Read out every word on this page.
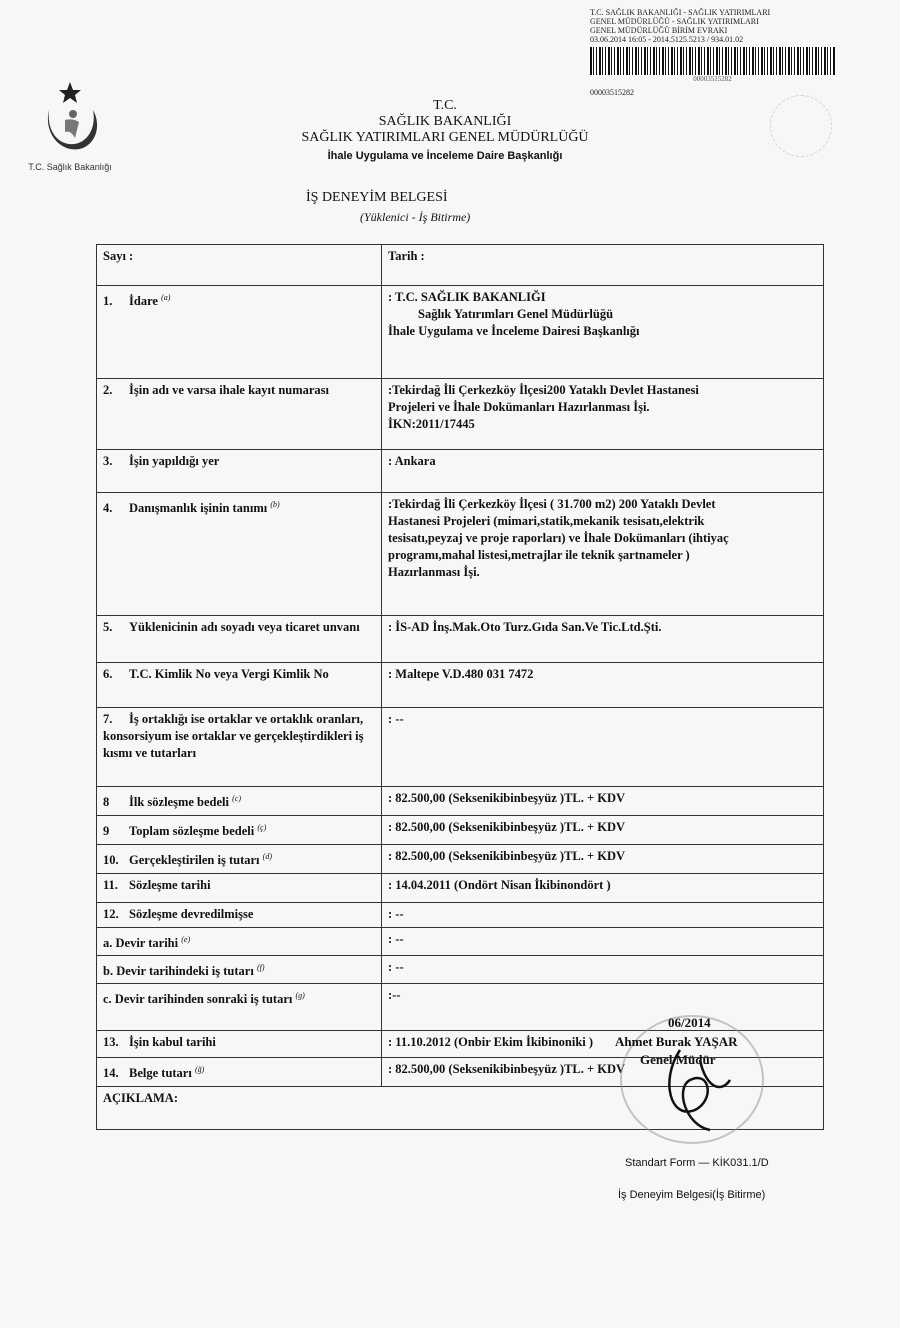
T.C. Sağlık Bakanlığı
T.C. SAĞLIK BAKANLIĞI - SAĞLIK YATIRIMLARI
GENEL MÜDÜRLÜĞÜ - SAĞLIK YATIRIMLARI
GENEL MÜDÜRLÜĞÜ BİRİM EVRAKI
03.06.2014 16:05 - 2014.5125.5213 / 934.01.02
00003515282
00003515282
T.C.
SAĞLIK BAKANLIĞI
SAĞLIK YATIRIMLARI GENEL MÜDÜRLÜĞÜ
İhale Uygulama ve İnceleme Daire Başkanlığı
İŞ DENEYİM BELGESİ
(Yüklenici - İş Bitirme)
Sayı :	Tarih :
1. İdare $^{(a)}$	: T.C. SAĞLIK BAKANLIĞI
Sağlık Yatırımları Genel Müdürlüğü
İhale Uygulama ve İnceleme Dairesi Başkanlığı

2. İşin adı ve varsa ihale kayıt numarası	:Tekirdağ İli Çerkezköy İlçesi200 Yataklı Devlet Hastanesi
Projeleri ve İhale Dokümanları Hazırlanması İşi.
İKN:2011/17445

3. İşin yapıldığı yer	: Ankara

4. Danışmanlık işinin tanımı $^{(b)}$	:Tekirdağ İli Çerkezköy İlçesi ( 31.700 m2) 200 Yataklı Devlet
Hastanesi Projeleri (mimari,statik,mekanik tesisatı,elektrik
tesisatı,peyzaj ve proje raporları) ve İhale Dokümanları (ihtiyaç
programı,mahal listesi,metrajlar ile teknik şartnameler )
Hazırlanması İşi.

5. Yüklenicinin adı soyadı veya ticaret unvanı	: İS-AD İnş.Mak.Oto Turz.Gıda San.Ve Tic.Ltd.Şti.

6. T.C. Kimlik No veya Vergi Kimlik No	: Maltepe V.D.480 031 7472

7. İş ortaklığı ise ortaklar ve ortaklık oranları, konsorsiyum ise ortaklar ve gerçekleştirdikleri iş kısmı ve tutarları	: --

8 İlk sözleşme bedeli $^{(c)}$	: 82.500,00 (Seksenikibinbeşyüz )TL. + KDV

9 Toplam sözleşme bedeli $^{(ç)}$	: 82.500,00 (Seksenikibinbeşyüz )TL. + KDV

10. Gerçekleştirilen iş tutarı $^{(d)}$	: 82.500,00 (Seksenikibinbeşyüz )TL. + KDV

11. Sözleşme tarihi	: 14.04.2011 (Ondört Nisan İkibinondört )

12. Sözleşme devredilmişse	: --

a. Devir tarihi $^{(e)}$	: --

b. Devir tarihindeki iş tutarı $^{(f)}$	: --

c. Devir tarihinden sonraki iş tutarı $^{(g)}$	:--

13. İşin kabul tarihi	: 11.10.2012 (Onbir Ekim İkibinoniki )

14. Belge tutarı $^{(ğ)}$	: 82.500,00 (Seksenikibinbeşyüz )TL. + KDV

AÇIKLAMA:	
06/2014
Ahmet Burak YAŞAR
Genel Müdür
Standart Form — KİK031.1/D
İş Deneyim Belgesi(İş Bitirme)
